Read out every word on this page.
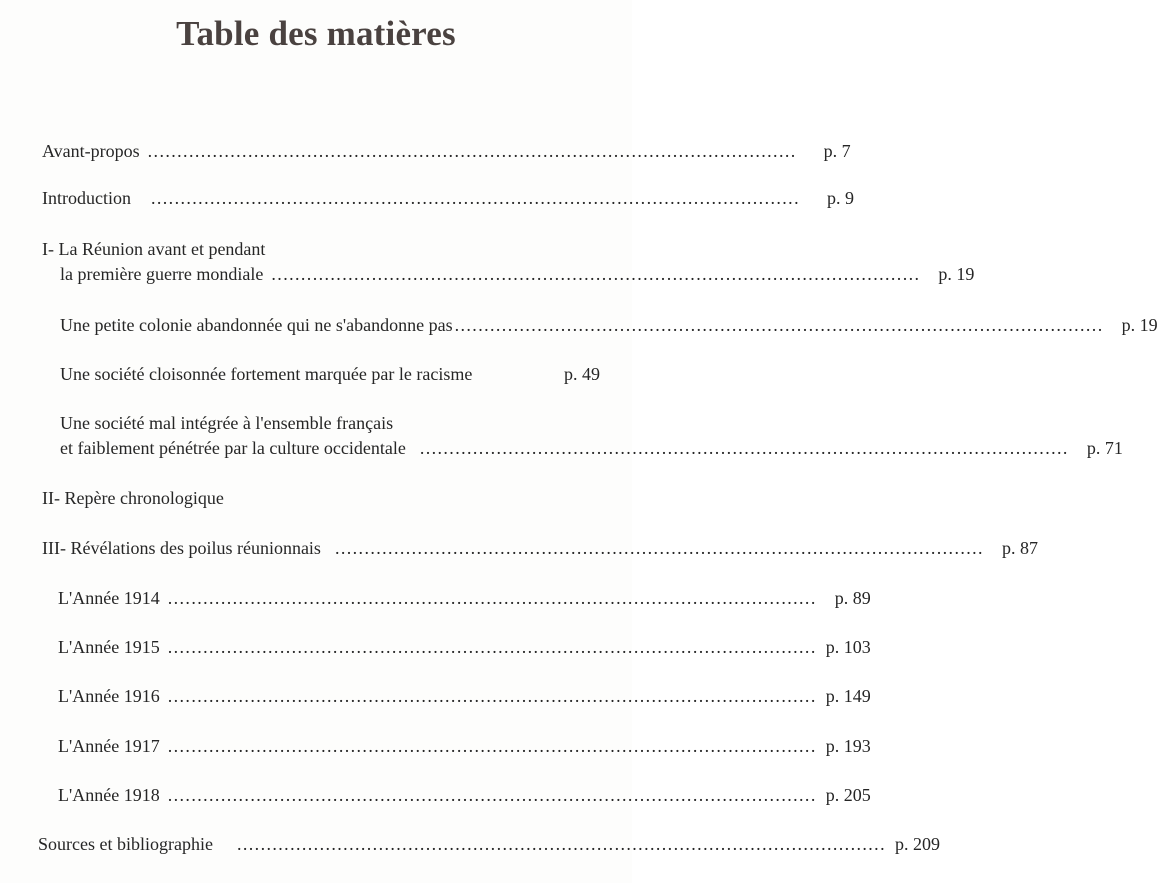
Table des matières
Avant-propos ..............................................................................................................	p. 7
Introduction ..............................................................................................................	p. 9
I- La Réunion avant et pendant
la première guerre mondiale ..............................................................................................................	p. 19
Une petite colonie abandonnée qui ne s'abandonne pas ..............................................................................................................	p. 19
Une société cloisonnée fortement marquée par le racisme	p. 49
Une société mal intégrée à l'ensemble français
et faiblement pénétrée par la culture occidentale ..............................................................................................................	p. 71
II- Repère chronologique
III- Révélations des poilus réunionnais ..............................................................................................................	p. 87
L'Année 1914 ..............................................................................................................	p. 89
L'Année 1915 .............................................................................................................. p. 103
L'Année 1916 .............................................................................................................. p. 149
L'Année 1917 .............................................................................................................. p. 193
L'Année 1918 .............................................................................................................. p. 205
Sources et bibliographie .............................................................................................................. p. 209
